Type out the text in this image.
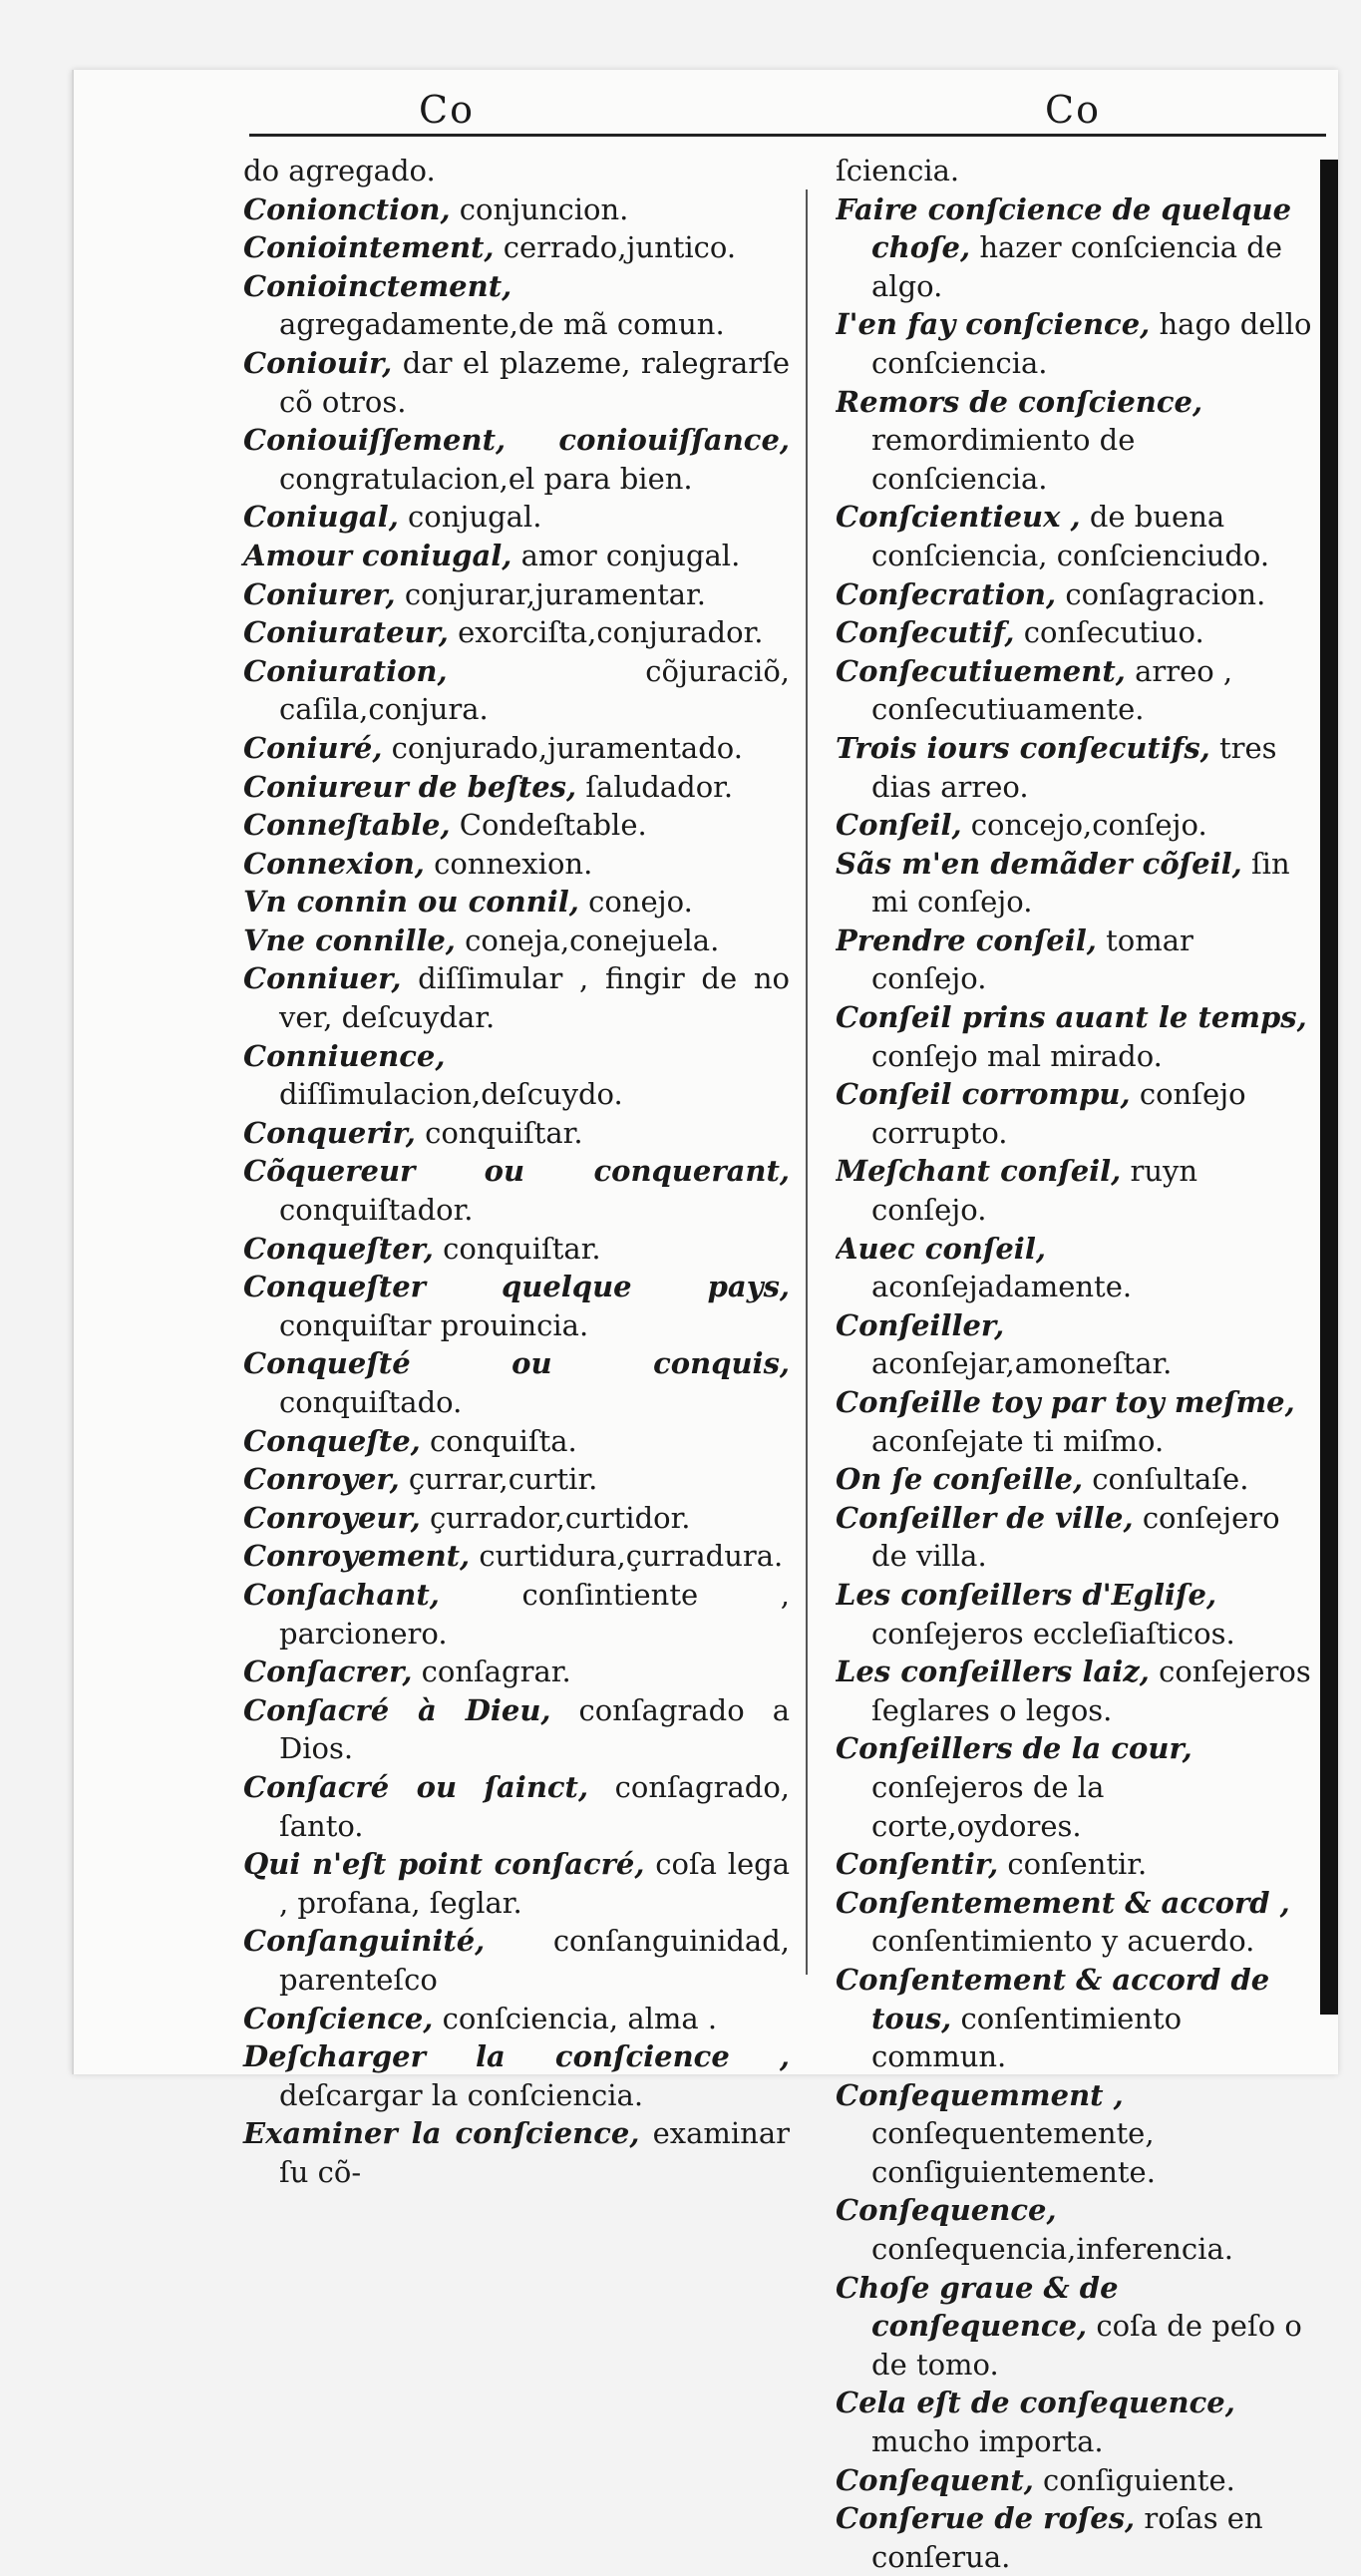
Co	Co
do agregado.
Conionction, conjuncion.
Coniointement, cerrado,juntico.
Conioinctement, agregadamente,de mã comun.
Coniouir, dar el plazeme, ralegrarſe cõ otros.
Coniouiſſement, coniouiſſance, congratulacion,el para bien.
Coniugal, conjugal.
Amour coniugal, amor conjugal.
Coniurer, conjurar,juramentar.
Coniurateur, exorciſta,conjurador.
Coniuration,	cõjuraciõ, caſila,conjura.
Coniuré, conjurado,juramentado.
Coniureur de beſtes, ſaludador.
Conneſtable, Condeſtable.
Connexion, connexion.
Vn connin ou connil, conejo.
Vne connille, coneja,conejuela.
Conniuer, diſſimular , fingir de no ver, deſcuydar.
Conniuence, diſſimulacion,deſcuydo.
Conquerir, conquiſtar.
Cõquereur ou conquerant, conquiſtador.
Conqueſter, conquiſtar.
Conqueſter quelque pays, conquiſtar prouincia.
Conqueſté ou conquis, conquiſtado.
Conqueſte, conquiſta.
Conroyer, çurrar,curtir.
Conroyeur, çurrador,curtidor.
Conroyement, curtidura,çurradura.
Conſachant,	conſintiente , parcionero.
Conſacrer, conſagrar.
Conſacré à Dieu, conſagrado a Dios.
Conſacré ou ſainct, conſagrado, ſanto.
Qui n'eſt point conſacré, coſa lega , profana, ſeglar.
Conſanguinité, conſanguinidad, parenteſco
Conſcience, conſciencia, alma .
Deſcharger la conſcience , deſcargar la conſciencia.
Examiner la conſcience, examinar ſu cõ-
ſciencia.
Faire conſcience de quelque choſe, hazer conſciencia de algo.
I'en fay conſcience, hago dello conſciencia.
Remors de conſcience, remordimiento de conſciencia.
Conſcientieux , de buena conſciencia, conſcienciudo.
Conſecration, conſagracion.
Conſecutif, conſecutiuo.
Conſecutiuement, arreo , conſecutiuamente.
Trois iours conſecutifs, tres dias arreo.
Conſeil, concejo,conſejo.
Sãs m'en demãder cõſeil, ſin mi conſejo.
Prendre conſeil, tomar conſejo.
Conſeil prins auant le temps, conſejo mal mirado.
Conſeil corrompu, conſejo corrupto.
Meſchant conſeil, ruyn conſejo.
Auec conſeil, aconſejadamente.
Conſeiller, aconſejar,amoneſtar.
Conſeille toy par toy meſme, aconſejate ti miſmo.
On ſe conſeille, conſultaſe.
Conſeiller de ville, conſejero de villa.
Les conſeillers d'Egliſe, conſejeros eccleſiaſticos.
Les conſeillers laiz, conſejeros ſeglares o legos.
Conſeillers de la cour, conſejeros de la corte,oydores.
Conſentir, conſentir.
Conſentemement & accord , conſentimiento y acuerdo.
Conſentement & accord de tous, conſentimiento commun.
Conſequemment , conſequentemente, conſiguientemente.
Conſequence, conſequencia,inferencia.
Choſe graue & de conſequence, coſa de peſo o de tomo.
Cela eſt de conſequence, mucho importa.
Conſequent, conſiguiente.
Conſerue de roſes, roſas en conſerua.
